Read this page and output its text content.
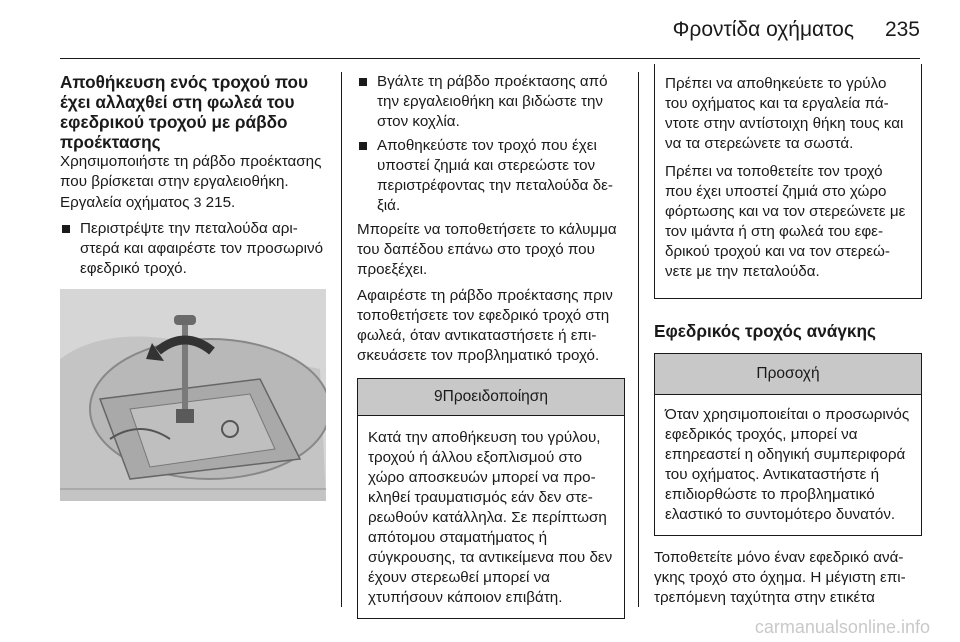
Φροντίδα οχήματος 235
Αποθήκευση ενός τροχού που έχει αλλαχθεί στη φωλεά του εφεδρικού τροχού με ράβδο προέκτασης
Χρησιμοποιήστε τη ράβδο προέκτασης που βρίσκεται στην εργαλειοθήκη. Εργαλεία οχήματος 3 215.
Περιστρέψτε την πεταλούδα αριστερά και αφαιρέστε τον προσωρινό εφεδρικό τροχό.
Βγάλτε τη ράβδο προέκτασης από την εργαλειοθήκη και βιδώστε την στον κοχλία.
Αποθηκεύστε τον τροχό που έχει υποστεί ζημιά και στερεώστε τον περιστρέφοντας την πεταλούδα δεξιά.
Μπορείτε να τοποθετήσετε το κάλυμμα του δαπέδου επάνω στο τροχό που προεξέχει.
Αφαιρέστε τη ράβδο προέκτασης πριν τοποθετήσετε τον εφεδρικό τροχό στη φωλεά, όταν αντικαταστήσετε ή επισκευάσετε τον προβληματικό τροχό.
9Προειδοποίηση
Κατά την αποθήκευση του γρύλου, τροχού ή άλλου εξοπλισμού στο χώρο αποσκευών μπορεί να προκληθεί τραυματισμός εάν δεν στερεωθούν κατάλληλα. Σε περίπτωση απότομου σταματήματος ή σύγκρουσης, τα αντικείμενα που δεν έχουν στερεωθεί μπορεί να χτυπήσουν κάποιον επιβάτη.
Πρέπει να αποθηκεύετε το γρύλο του οχήματος και τα εργαλεία πάντοτε στην αντίστοιχη θήκη τους και να τα στερεώνετε τα σωστά.
Πρέπει να τοποθετείτε τον τροχό που έχει υποστεί ζημιά στο χώρο φόρτωσης και να τον στερεώνετε με τον ιμάντα ή στη φωλεά του εφεδρικού τροχού και να τον στερεώνετε με την πεταλούδα.
Εφεδρικός τροχός ανάγκης
Προσοχή
Όταν χρησιμοποιείται ο προσωρινός εφεδρικός τροχός, μπορεί να επηρεαστεί η οδηγική συμπεριφορά του οχήματος. Αντικαταστήστε ή επιδιορθώστε το προβληματικό ελαστικό το συντομότερο δυνατόν.
Τοποθετείτε μόνο έναν εφεδρικό ανάγκης τροχό στο όχημα. Η μέγιστη επιτρεπόμενη ταχύτητα στην ετικέτα
carmanualsonline.info
